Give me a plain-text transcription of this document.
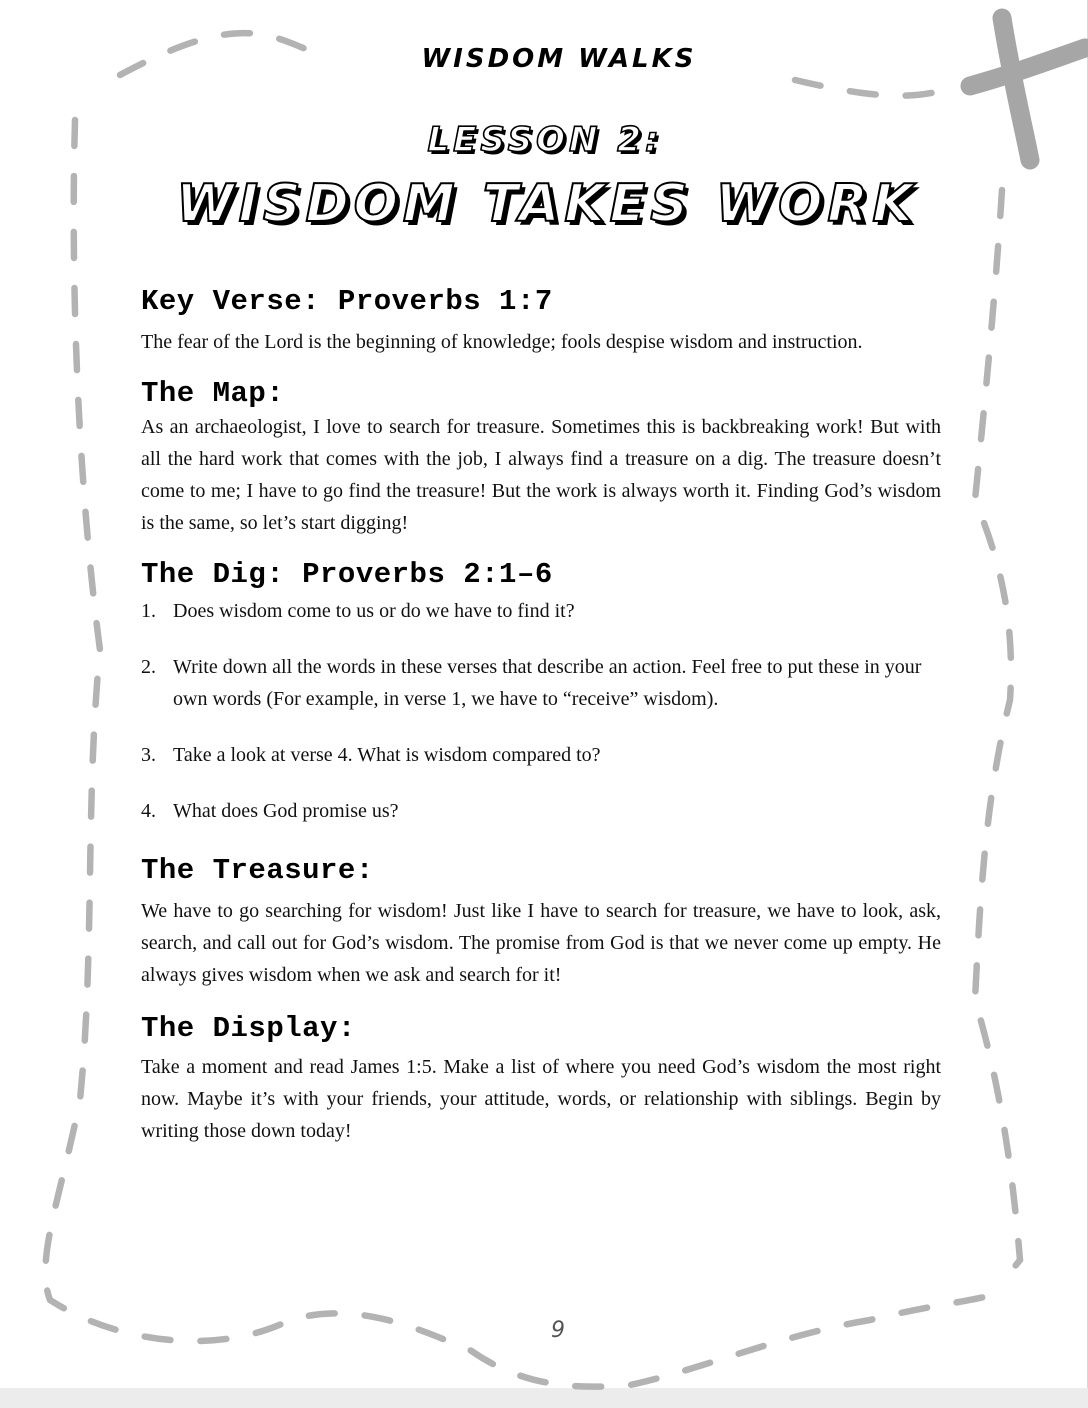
WISDOM WALKS
LESSON 2:
WISDOM TAKES WORK
Key Verse: Proverbs 1:7

The fear of the Lord is the beginning of knowledge; fools despise wisdom and instruction.

The Map:

As an archaeologist, I love to search for treasure. Sometimes this is backbreaking work! But with all the hard work that comes with the job, I always find a treasure on a dig. The treasure doesn’t come to me; I have to go find the treasure! But the work is always worth it. Finding God’s wisdom is the same, so let’s start digging!

The Dig: Proverbs 2:1–6
1. Does wisdom come to us or do we have to find it?
2. Write down all the words in these verses that describe an action. Feel free to put these in your own words (For example, in verse 1, we have to “receive” wisdom).
3. Take a look at verse 4. What is wisdom compared to?
4. What does God promise us?
The Treasure:

We have to go searching for wisdom! Just like I have to search for treasure, we have to look, ask, search, and call out for God’s wisdom. The promise from God is that we never come up empty. He always gives wisdom when we ask and search for it!

The Display:

Take a moment and read James 1:5. Make a list of where you need God’s wisdom the most right now. Maybe it’s with your friends, your attitude, words, or relationship with siblings. Begin by writing those down today!

9
